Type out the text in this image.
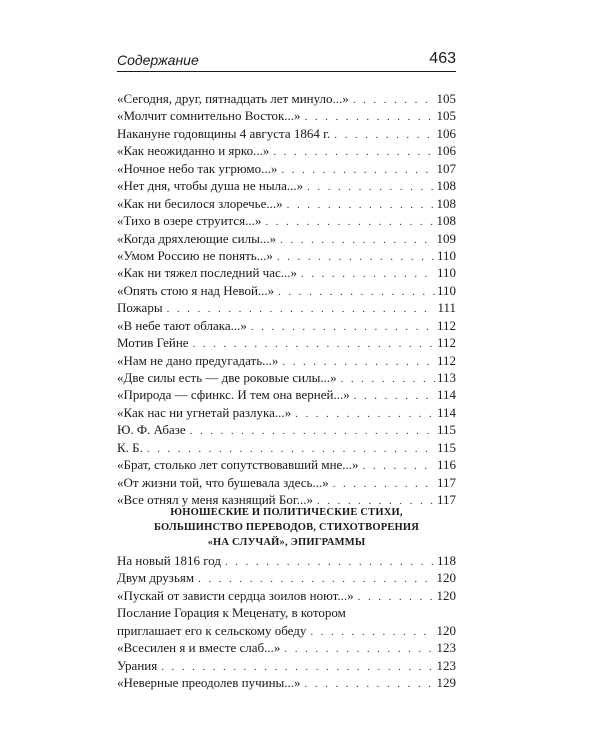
Содержание	463
«Сегодня, друг, пятнадцать лет минуло...» . . .	105
«Молчит сомнительно Восток...» . . .	105
Накануне годовщины 4 августа 1864 г. . . .	106
«Как неожиданно и ярко...» . . .	106
«Ночное небо так угрюмо...» . . .	107
«Нет дня, чтобы душа не ныла...» . . .	108
«Как ни бесилося злоречье...» . . .	108
«Тихо в озере струится...» . . .	108
«Когда дряхлеющие силы...» . . .	109
«Умом Россию не понять...» . . .	110
«Как ни тяжел последний час...» . . .	110
«Опять стою я над Невой...» . . .	110
Пожары . . .	111
«В небе тают облака...» . . .	112
Мотив Гейне . . .	112
«Нам не дано предугадать...» . . .	112
«Две силы есть — две роковые силы...» . . .	113
«Природа — сфинкс. И тем она верней...» . . .	114
«Как нас ни угнетай разлука...» . . .	114
Ю. Ф. Абазе . . .	115
К. Б. . . .	115
«Брат, столько лет сопутствовавший мне...» . . .	116
«От жизни той, что бушевала здесь...» . . .	117
«Все отнял у меня казнящий Бог...» . . .	117
ЮНОШЕСКИЕ И ПОЛИТИЧЕСКИЕ СТИХИ,
БОЛЬШИНСТВО ПЕРЕВОДОВ, СТИХОТВОРЕНИЯ
«НА СЛУЧАЙ», ЭПИГРАММЫ
На новый 1816 год . . .	118
Двум друзьям . . .	120
«Пускай от зависти сердца зоилов ноют...» . . .	120
Послание Горация к Меценату, в котором
приглашает его к сельскому обеду . . .	120
«Всесилен я и вместе слаб...» . . .	123
Урания . . .	123
«Неверные преодолев пучины...» . . .	129
